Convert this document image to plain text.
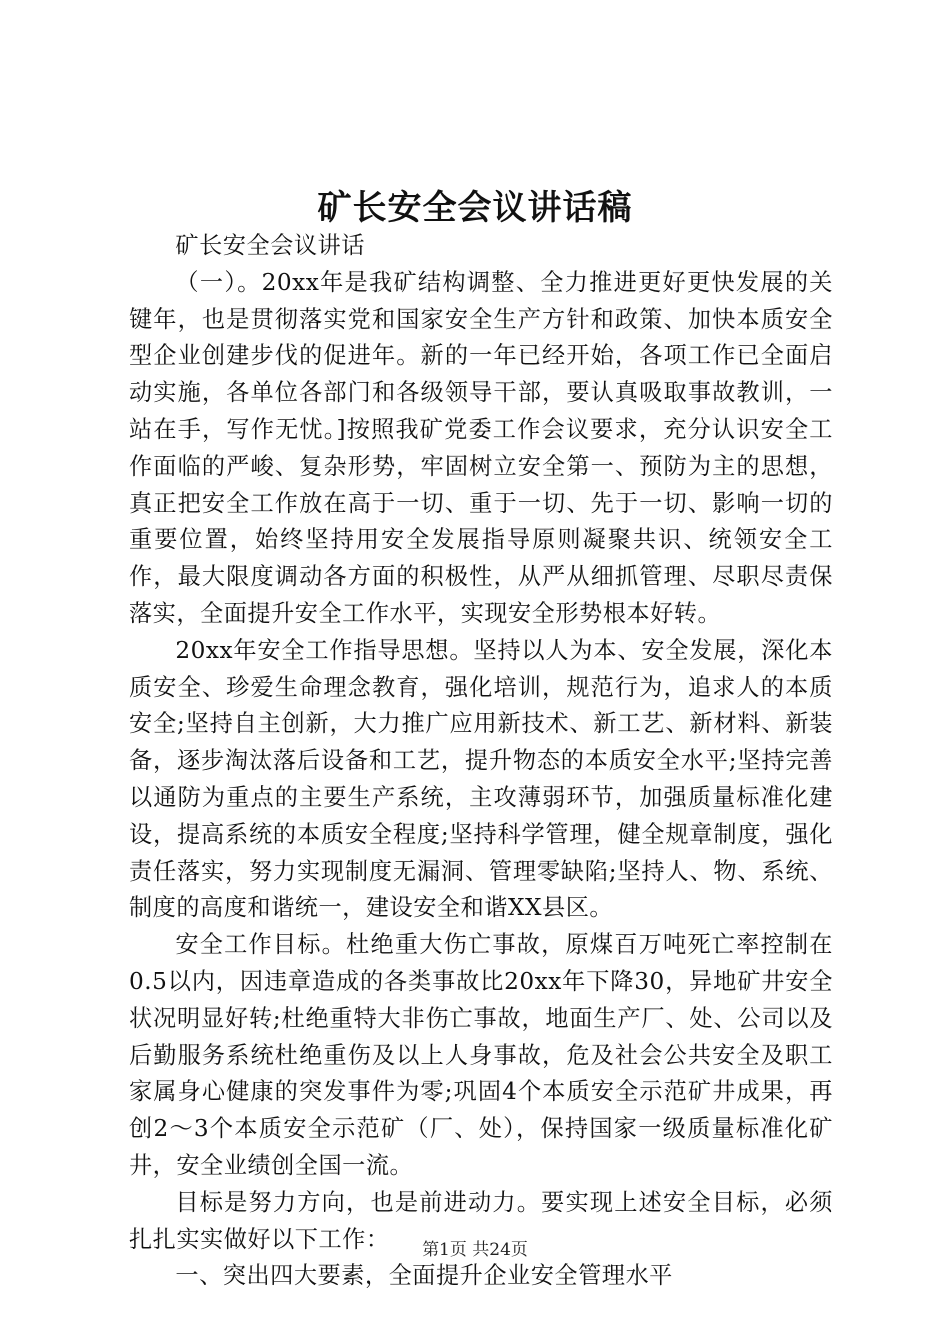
矿长安全会议讲话稿

矿长安全会议讲话

（一）。20xx年是我矿结构调整、全力推进更好更快发展的关键年，也是贯彻落实党和国家安全生产方针和政策、加快本质安全型企业创建步伐的促进年。新的一年已经开始，各项工作已全面启动实施，各单位各部门和各级领导干部，要认真吸取事故教训，一站在手，写作无忧。]按照我矿党委工作会议要求，充分认识安全工作面临的严峻、复杂形势，牢固树立安全第一、预防为主的思想，真正把安全工作放在高于一切、重于一切、先于一切、影响一切的重要位置，始终坚持用安全发展指导原则凝聚共识、统领安全工作，最大限度调动各方面的积极性，从严从细抓管理、尽职尽责保落实，全面提升安全工作水平，实现安全形势根本好转。

20xx年安全工作指导思想。坚持以人为本、安全发展，深化本质安全、珍爱生命理念教育，强化培训，规范行为，追求人的本质安全;坚持自主创新，大力推广应用新技术、新工艺、新材料、新装备，逐步淘汰落后设备和工艺，提升物态的本质安全水平;坚持完善以通防为重点的主要生产系统，主攻薄弱环节，加强质量标准化建设，提高系统的本质安全程度;坚持科学管理，健全规章制度，强化责任落实，努力实现制度无漏洞、管理零缺陷;坚持人、物、系统、制度的高度和谐统一，建设安全和谐XX县区。

安全工作目标。杜绝重大伤亡事故，原煤百万吨死亡率控制在0.5以内，因违章造成的各类事故比20xx年下降30，异地矿井安全状况明显好转;杜绝重特大非伤亡事故，地面生产厂、处、公司以及后勤服务系统杜绝重伤及以上人身事故，危及社会公共安全及职工家属身心健康的突发事件为零;巩固4个本质安全示范矿井成果，再创2～3个本质安全示范矿（厂、处），保持国家一级质量标准化矿井，安全业绩创全国一流。

目标是努力方向，也是前进动力。要实现上述安全目标，必须扎扎实实做好以下工作：

一、突出四大要素，全面提升企业安全管理水平

第1页 共24页
